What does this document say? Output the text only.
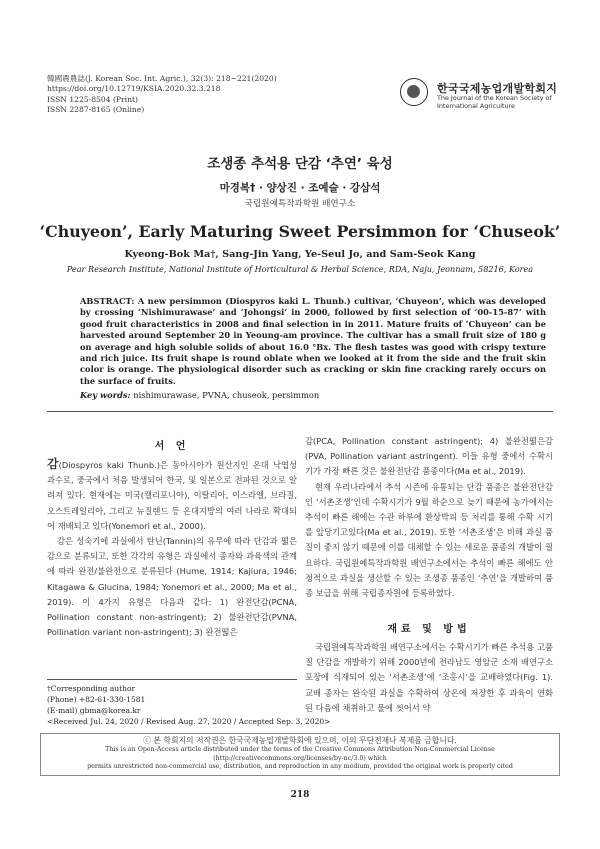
韓國農農誌(J. Korean Soc. Int. Agric.), 32(3): 218~221(2020)
https://doi.org/10.12719/KSIA.2020.32.3.218
ISSN 1225-8504 (Print)
ISSN 2287-8165 (Online)
한국국제농업개발학회지
The Journal of the Korean Society of International Agriculture
조생종 추석용 단감 ‘추연’ 육성
마경복† · 양상진 · 조예슬 · 강삼석
국립원예특작과학원 배연구소
‘Chuyeon’, Early Maturing Sweet Persimmon for ‘Chuseok’
Kyeong-Bok Ma†, Sang-Jin Yang, Ye-Seul Jo, and Sam-Seok Kang
Pear Research Institute, National Institute of Horticultural & Herbal Science, RDA, Naju, Jeonnam, 58216, Korea
ABSTRACT: A new persimmon (Diospyros kaki L. Thunb.) cultivar, ‘Chuyeon’, which was developed by crossing ‘Nishimurawase’ and ‘Johongsi’ in 2000, followed by first selection of ‘00-15-87’ with good fruit characteristics in 2008 and final selection in in 2011. Mature fruits of ‘Chuyeon’ can be harvested around September 20 in Yeoung-am province. The cultivar has a small fruit size of 180 g on average and high soluble solids of about 16.0 °Bx. The flesh tastes was good with crispy texture and rich juice. Its fruit shape is round oblate when we looked at it from the side and the fruit skin color is orange. The physiological disorder such as cracking or skin fine cracking rarely occurs on the surface of fruits.
Key words: nishimurawase, PVNA, chuseok, persimmon
서 언

감(Diospyros kaki Thunb.)은 동아시아가 원산지인 온대 낙엽성 과수로, 중국에서 처음 발생되어 한국, 및 일본으로 전파된 것으로 알려져 있다. 현재에는 미국(캘리포니아), 이탈리아, 이스라엘, 브라질, 오스트레일리아, 그리고 뉴질랜드 등 온대지방의 여러 나라로 확대되어 재배되고 있다(Yonemori et al., 2000).

감은 성숙기에 과실에서 탄닌(Tannin)의 유무에 따라 단감과 떫은감으로 분류되고, 또한 각각의 유형은 과실에서 종자와 과육색의 관계에 따라 완전/불완전으로 분류된다 (Hume, 1914; Kajiura, 1946; Kitagawa & Glucina, 1984; Yonemori et al., 2000; Ma et al., 2019). 이 4가지 유형은 다음과 같다: 1) 완전단감(PCNA, Pollination constant non-astringent); 2) 불완전단감(PVNA, Pollination variant non-astringent); 3) 완전떫은

†Corresponding author
(Phone) +82-61-330-1581
(E-mail) gbma@korea.kr
<Received Jul. 24, 2020 / Revised Aug. 27, 2020 / Accepted Sep. 3, 2020>

감(PCA, Pollination constant astringent); 4) 불완전떫은감(PVA, Pollination variant astringent). 이들 유형 중에서 수확시기가 가장 빠른 것은 불완전단감 품종이다(Ma et al., 2019).

현재 우리나라에서 추석 시즌에 유통되는 단감 품종은 불완전단감인 ‘서촌조생’인데 수확시기가 9월 하순으로 늦기 때문에 농가에서는 추석이 빠른 해에는 수관 하부에 환상박피 등 처리를 통해 수확 시기를 앞당기고있다(Ma et al., 2019). 또한 ‘서촌조생’은 비해 과실 품질이 좋지 않기 때문에 이를 대체할 수 있는 새로운 품종의 개발이 필요하다. 국립원예특작과학원 배연구소에서는 추석이 빠른 해에도 안정적으로 과실을 생산할 수 있는 조생종 품종인 ‘추연’을 개발하여 품종 보급을 위해 국립종자원에 등록하였다.

재료 및 방법

국립원예특작과학원 배연구소에서는 수확시기가 빠른 추석용 고품질 단감을 개발하기 위해 2000년에 전라남도 영암군 소재 배연구소 포장에 식재되어 있는 ‘서촌조생’에 ‘조홍시’을 교배하였다(Fig. 1). 교배 종자는 완숙된 과실을 수확하여 상온에 저장한 후 과육이 연화된 다음에 채취하고 물에 씻어서 약

ⓒ 본 학회지의 저작권은 한국국제농업개발학회에 있으며, 이의 무단전재나 복제를 금합니다.
This is an Open-Access article distributed under the terms of the Creative Commons Attribution Non-Commercial License (http://creativecommons.org/licenses/by-nc/3.0) which
permits unrestricted non-commercial use, distribution, and reproduction in any medium, provided the original work is properly cited
218
